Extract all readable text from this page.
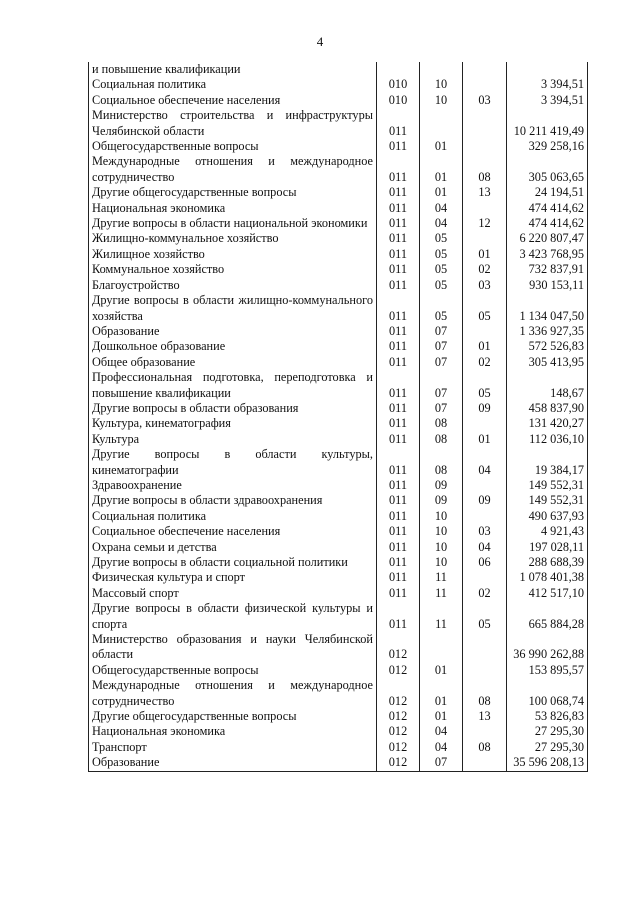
4
и повышение квалификации				
Социальная политика	010	10		3 394,51
Социальное обеспечение населения	010	10	03	3 394,51
Министерство строительства и инфраструктуры Челябинской области	011			10 211 419,49
Общегосударственные вопросы	011	01		329 258,16
Международные отношения и международное сотрудничество	011	01	08	305 063,65
Другие общегосударственные вопросы	011	01	13	24 194,51
Национальная экономика	011	04		474 414,62
Другие вопросы в области национальной экономики	011	04	12	474 414,62
Жилищно-коммунальное хозяйство	011	05		6 220 807,47
Жилищное хозяйство	011	05	01	3 423 768,95
Коммунальное хозяйство	011	05	02	732 837,91
Благоустройство	011	05	03	930 153,11
Другие вопросы в области жилищно-коммунального хозяйства	011	05	05	1 134 047,50
Образование	011	07		1 336 927,35
Дошкольное образование	011	07	01	572 526,83
Общее образование	011	07	02	305 413,95
Профессиональная подготовка, переподготовка и повышение квалификации	011	07	05	148,67
Другие вопросы в области образования	011	07	09	458 837,90
Культура, кинематография	011	08		131 420,27
Культура	011	08	01	112 036,10
Другие вопросы в области культуры, кинематографии	011	08	04	19 384,17
Здравоохранение	011	09		149 552,31
Другие вопросы в области здравоохранения	011	09	09	149 552,31
Социальная политика	011	10		490 637,93
Социальное обеспечение населения	011	10	03	4 921,43
Охрана семьи и детства	011	10	04	197 028,11
Другие вопросы в области социальной политики	011	10	06	288 688,39
Физическая культура и спорт	011	11		1 078 401,38
Массовый спорт	011	11	02	412 517,10
Другие вопросы в области физической культуры и спорта	011	11	05	665 884,28
Министерство образования и науки Челябинской области	012			36 990 262,88
Общегосударственные вопросы	012	01		153 895,57
Международные отношения и международное сотрудничество	012	01	08	100 068,74
Другие общегосударственные вопросы	012	01	13	53 826,83
Национальная экономика	012	04		27 295,30
Транспорт	012	04	08	27 295,30
Образование	012	07		35 596 208,13
